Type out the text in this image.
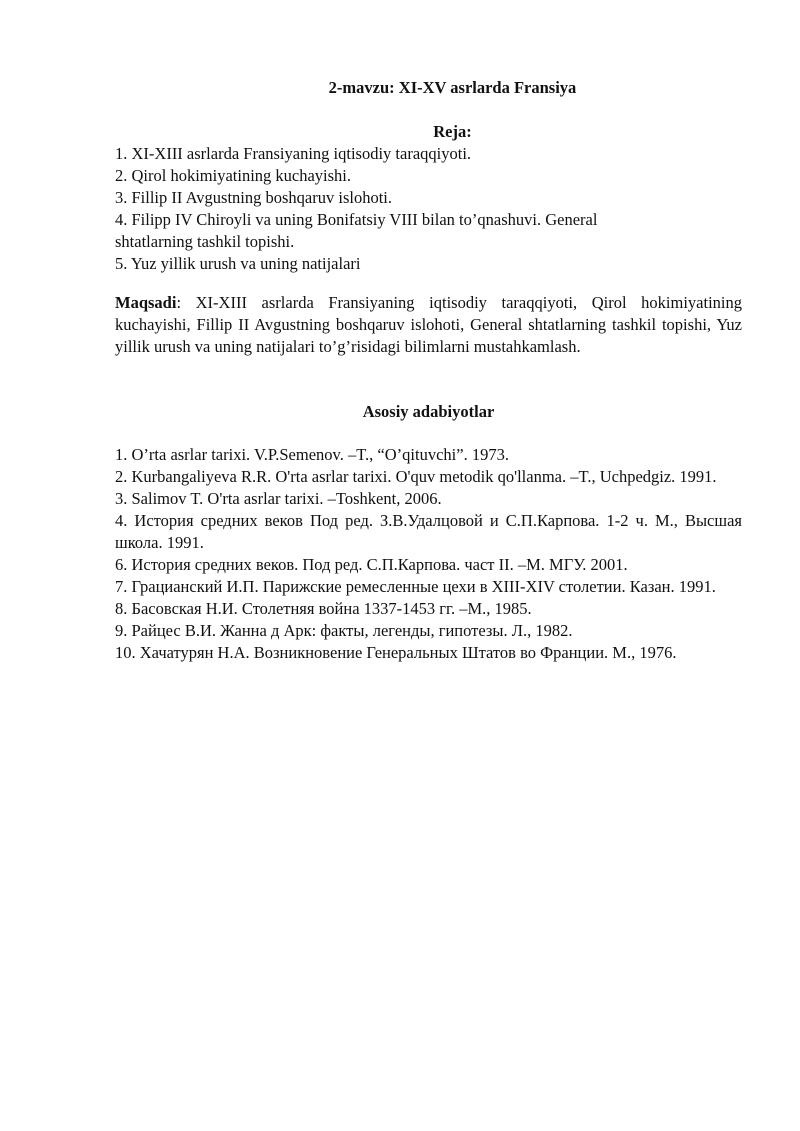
2-mavzu: XI-XV asrlarda Fransiya
Reja:
1. XI-XIII asrlarda Fransiyaning iqtisodiy taraqqiyoti.
2. Qirol hokimiyatining kuchayishi.
3. Fillip II Avgustning boshqaruv islohoti.
4. Filipp IV Chiroyli va uning Bonifatsiy VIII bilan to’qnashuvi. General shtatlarning tashkil topishi.
5. Yuz yillik urush va uning natijalari

Maqsadi: XI-XIII asrlarda Fransiyaning iqtisodiy taraqqiyoti, Qirol hokimiyatining kuchayishi, Fillip II Avgustning boshqaruv islohoti, General shtatlarning tashkil topishi, Yuz yillik urush va uning natijalari to’g’risidagi bilimlarni mustahkamlash.

Asosiy adabiyotlar
1. O’rta asrlar tarixi. V.P.Semenov. –T., “O’qituvchi”. 1973.
2. Kurbangaliyeva R.R. O'rta asrlar tarixi. O'quv metodik qo'llanma. –T., Uchpedgiz. 1991.
3. Salimov T. O'rta asrlar tarixi. –Toshkent, 2006.
4. История средних веков Под ред. З.В.Удалцовой и С.П.Карпова. 1-2 ч. М., Высшая школа. 1991.
6. История средних веков. Под ред. С.П.Карпова. част II. –М. МГУ. 2001.
7. Грацианский И.П. Парижские ремесленные цехи в XIII-XIV столетии. Казан. 1991.
8. Басовская Н.И. Столетняя война 1337-1453 гг. –М., 1985.
9. Райцес В.И. Жанна д Арк: факты, легенды, гипотезы. Л., 1982.
10. Хачатурян Н.А. Возникновение Генеральных Штатов во Франции. М., 1976.
